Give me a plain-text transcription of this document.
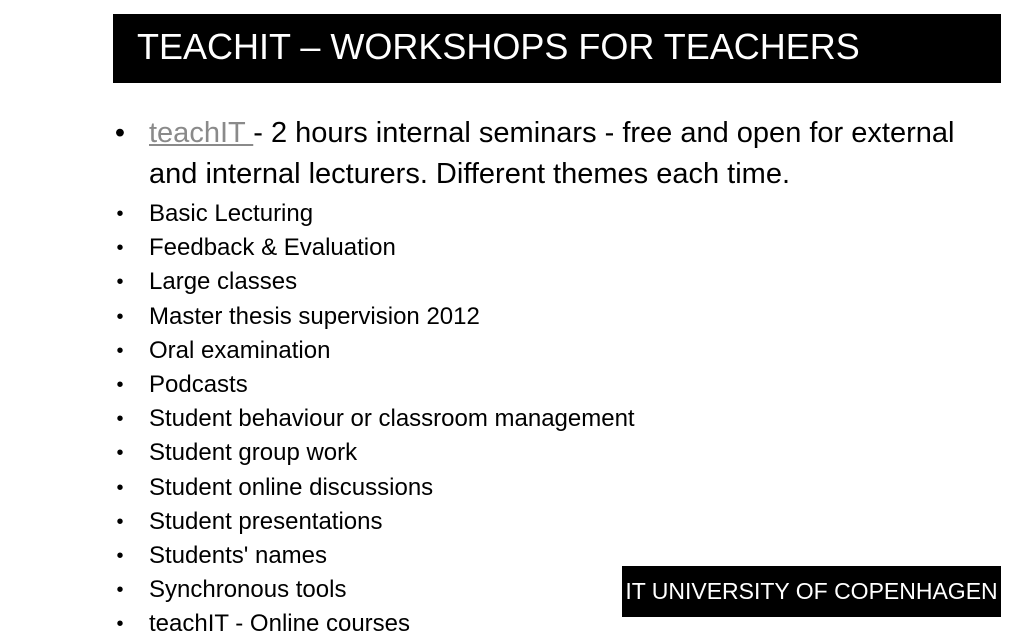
TEACHIT – WORKSHOPS FOR TEACHERS
• teachIT - 2 hours internal seminars - free and open for external and internal lecturers. Different themes each time.
• Basic Lecturing
• Feedback & Evaluation
• Large classes
• Master thesis supervision 2012
• Oral examination
• Podcasts
• Student behaviour or classroom management
• Student group work
• Student online discussions
• Student presentations
• Students' names
• Synchronous tools
• teachIT - Online courses
IT UNIVERSITY OF COPENHAGEN
